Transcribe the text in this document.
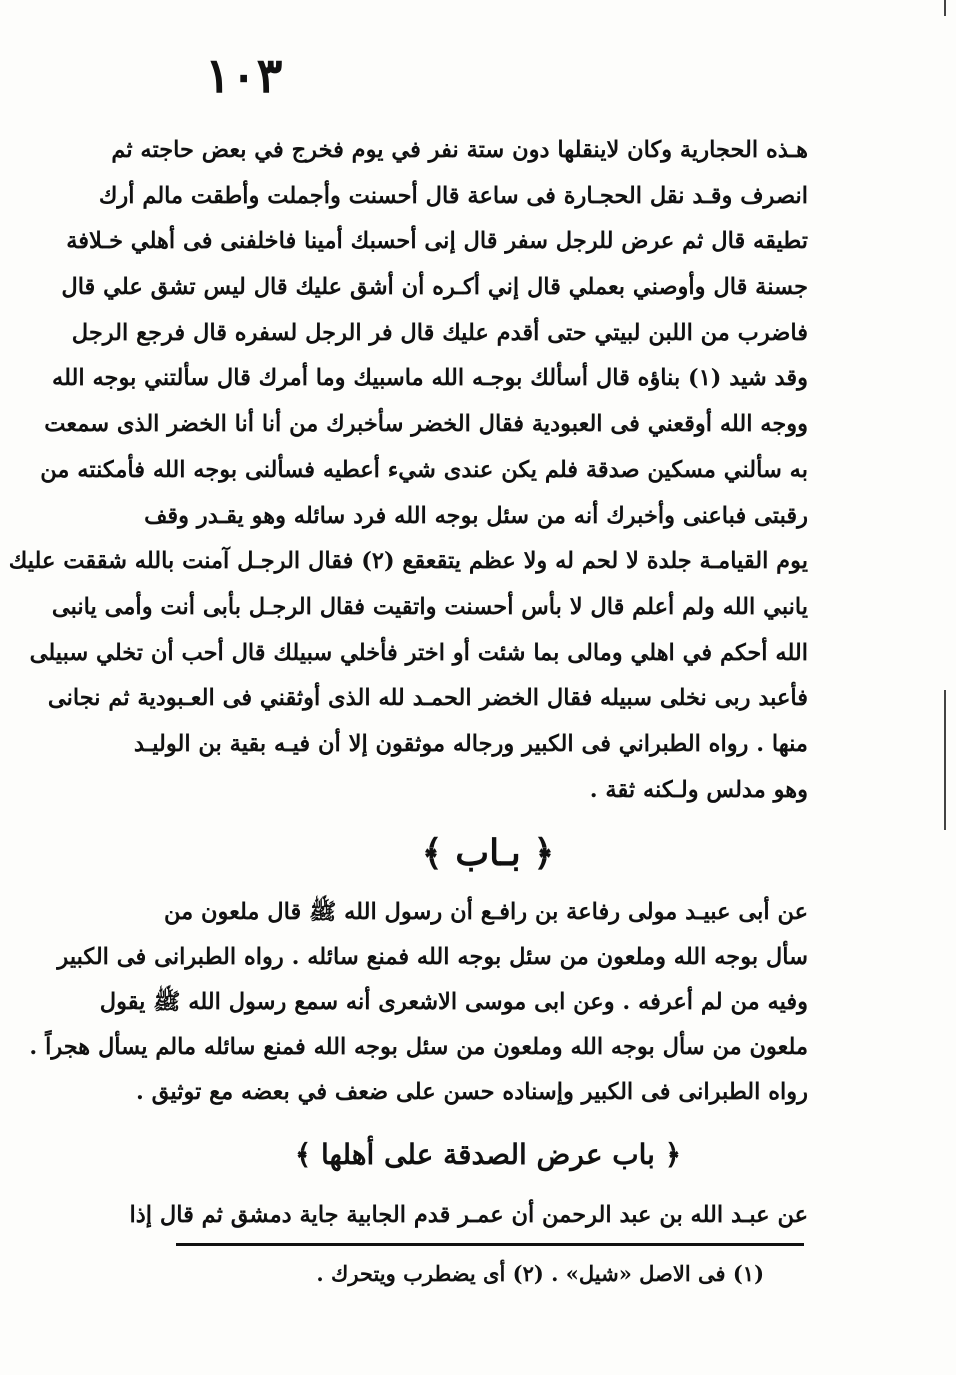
١٠٣
هـذه الحجارية وكان لاينقلها دون ستة نفر في يوم فخرج في بعض حاجته ثم
انصرف وقـد نقل الحجـارة فى ساعة قال أحسنت وأجملت وأطقت مالم أرك
تطيقه قال ثم عرض للرجل سفر قال إنى أحسبك أمينا فاخلفنى فى أهلي خـلافة
جسنة قال وأوصني بعملي قال إني أكـره أن أشق عليك قال ليس تشق علي قال
فاضرب من اللبن لبيتي حتى أقدم عليك قال فر الرجل لسفره قال فرجع الرجل
وقد شيد (١) بناؤه قال أسألك بوجـه الله ماسبيك وما أمرك قال سألتني بوجه الله
ووجه الله أوقعني فى العبودية فقال الخضر سأخبرك من أنا أنا الخضر الذى سمعت
به سألني مسكين صدقة فلم يكن عندى شيء أعطيه فسألنى بوجه الله فأمكنته من
رقبتى فباعنى وأخبرك أنه من سئل بوجه الله فرد سائله وهو يقـدر وقف
يوم القيامـة جلدة لا لحم له ولا عظم يتقعقع (٢) فقال الرجـل آمنت بالله شققت عليك
يانبي الله ولم أعلم قال لا بأس أحسنت واتقيت فقال الرجـل بأبى أنت وأمى يانبى
الله أحكم في اهلي ومالى بما شئت أو اختر فأخلي سبيلك قال أحب أن تخلي سبيلى
فأعبد ربى نخلى سبيله فقال الخضر الحمـد لله الذى أوثقني فى العـبودية ثم نجانى
منها . رواه الطبراني فى الكبير ورجاله موثقون إلا أن فيـه بقية بن الوليـد
وهو مدلس ولـكنه ثقة .
﴿ بـاب ﴾
عن أبى عبيـد مولى رفاعة بن رافـع أن رسول الله ﷺ قال ملعون من
سأل بوجه الله وملعون من سئل بوجه الله فمنع سائله . رواه الطبرانى فى الكبير
وفيه من لم أعرفه . وعن ابى موسى الاشعرى أنه سمع رسول الله ﷺ يقول
ملعون من سأل بوجه الله وملعون من سئل بوجه الله فمنع سائله مالم يسأل هجراً .
رواه الطبرانى فى الكبير وإسناده حسن على ضعف في بعضه مع توثيق .
﴿ باب عرض الصدقة على أهلها ﴾
عن عبـد الله بن عبد الرحمن أن عمـر قدم الجابية جاية دمشق ثم قال إذا
(١) فى الاصل «شيل» . (٢) أى يضطرب ويتحرك .
